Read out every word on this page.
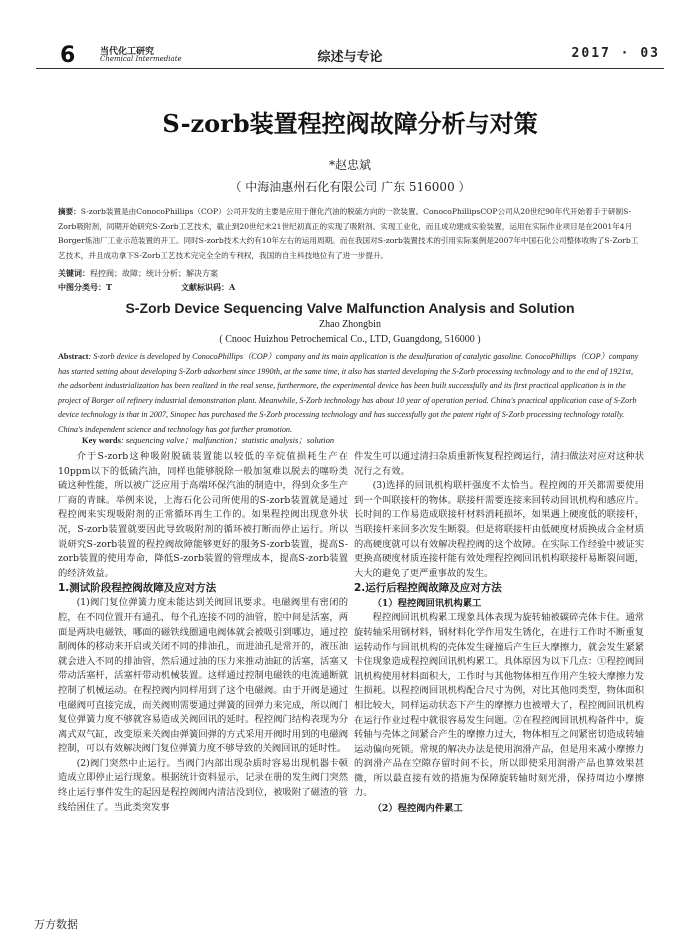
6	当代化工研究
Chemical Intermediate	综述与专论	2017 · 03
S-zorb装置程控阀故障分析与对策
*赵忠斌
（ 中海油惠州石化有限公司 广东 516000 ）
摘要：S-zorb装置是由ConocoPhillips（COP）公司开发的主要是应用于催化汽油的脱硫方向的一款装置。ConocoPhillipsCOP公司从20世纪90年代开始着手于研制S-Zorb吸附剂，同期开始研究S-Zorb工艺技术，截止到20世纪末21世纪初真正的实现了吸附剂、实现工业化，而且成功建成实验装置，运用在实际作业项目是在2001年4月Borger炼油厂工业示范装置的开工。同时S-zorb技术大约有10年左右的运用周期。而在我国对S-zorb装置技术的引用实际案例是2007年中国石化公司整体收购了S-Zorb工艺技术，并且成功拿下S-Zorb工艺技术完完全全的专利权，我国的自主科技地位有了进一步提升。
关键词：程控阀；故障；统计分析；解决方案
中图分类号：T	文献标识码：A
S-Zorb Device Sequencing Valve Malfunction Analysis and Solution
Zhao Zhongbin
( Cnooc Huizhou Petrochemical Co., LTD, Guangdong, 516000 )
Abstract: S-zorb device is developed by ConocoPhillips（COP）company and its main application is the desulfuration of catalytic gasoline. ConocoPhillips（COP）company has started setting about developing S-Zorb adsorbent since 1990th, at the same time, it also has started developing the S-Zorb processing technology and to the end of 1921st, the adsorbent industrialization has been realized in the real sense, furthermore, the experimental device has been built successfully and its first practical application is in the project of Borger oil refinery industrial demonstration plant. Meanwhile, S-Zorb technology has about 10 year of operation period. China's practical application case of S-Zorb device technology is that in 2007, Sinopec has purchased the S-Zorb processing technology and has successfully got the patent right of S-Zorb processing technology totally. China's independent science and technology has got further promotion.
Key words: sequencing valve；malfunction；statistic analysis；solution

介于S-zorb这种吸附脱硫装置能以较低的辛烷值损耗生产在10ppm以下的低硫汽油，同样也能够脱除一般加氢难以脱去的噻吩类硫这种性能，所以被广泛应用于高端环保汽油的制造中，得到众多生产厂商的青睐。举例来说，上海石化公司所使用的S-zorb装置就是通过程控阀来实现吸附剂的正常循环再生工作的。如果程控阀出现意外状况，S-zorb装置就要因此导致吸附剂的循环被打断而停止运行。所以说研究S-zorb装置的程控阀故障能够更好的服务S-zorb装置，提高S-zorb装置的使用寿命，降低S-zorb装置的管理成本，提高S-zorb装置的经济效益。

1.测试阶段程控阀故障及应对方法

(1)阀门复位弹簧力度未能达到关阀回讯要求。电磁阀里有密闭的腔，在不同位置开有通孔，每个孔连接不同的油管，腔中间是活塞，两面是两块电磁铁，哪面的磁铁线圈通电阀体就会被吸引到哪边，通过控制阀体的移动来开启或关闭不同的排油孔，而进油孔是常开的，液压油就会进入不同的排油管，然后通过油的压力来推动油缸的活塞，活塞又带动活塞杆，活塞杆带动机械装置。这样通过控制电磁铁的电流通断就控制了机械运动。在程控阀内同样用到了这个电磁阀。由于开阀是通过电磁阀可直接完成，而关阀则需要通过弹簧的回弹力来完成，所以阀门复位弹簧力度不够就容易造成关阀回讯的延时。程控阀门结构表现为分离式双气缸，改变原来关阀由弹簧回弹的方式采用开阀时用到的电磁阀控制，可以有效解决阀门复位弹簧力度不够导致的关阀回讯的延时性。

(2)阀门突然中止运行。当阀门内部出现杂质时容易出现机器卡顿造成立即停止运行现象。根据统计资料显示，记录在册的发生阀门突然终止运行事件发生的起因是程控阀阀内清洁没到位，被吸附了磁渣的管线给困住了。当此类突发事

件发生可以通过清扫杂质重新恢复程控阀运行，清扫做法对应对这种状况行之有效。

(3)选择的回讯机构联杆强度不太恰当。程控阀的开关都需要使用到一个叫联接杆的物体。联接杆需要连接来回转动回讯机构和感应片。长时间的工作易造成联接杆材料消耗损坏，如果遇上硬度低的联接杆，当联接杆来回多次发生断裂。但是将联接杆由低硬度材质换成合金材质的高硬度就可以有效解决程控阀的这个故障。在实际工作经验中被证实更换高硬度材质连接杆能有效处理程控阀回讯机构联接杆易断裂问题，大大的避免了更严重事故的发生。

2.运行后程控阀故障及应对方法
（1）程控阀回讯机构累工

程控阀回讯机构累工现象具体表现为旋转轴被碳碎壳体卡住。通常旋转轴采用钢材料，钢材料化学作用发生锈化，在进行工作时不断重复运转动作与回讯机构的壳体发生碰撞后产生巨大摩擦力，就会发生紧紧卡住现象造成程控阀回讯机构累工。具体原因为以下几点：①程控阀回讯机构使用材料面积大，工作时与其他物体相互作用产生较大摩擦力发生损耗。以程控阀回讯机构配合尺寸为例，对比其他同类型，物体面积相比较大，同样运动状态下产生的摩擦力也被增大了，程控阀回讯机构在运行作业过程中就很容易发生问题。②在程控阀回讯机构备件中，旋转轴与壳体之间紧合产生的摩擦力过大，物体相互之间紧密切造成转轴运动偏向死锁。常规的解决办法是使用润滑产品，但是用来减小摩擦力的润滑产品在空隙存留时间不长，所以即使采用润滑产品也算效果甚微，所以最直接有效的措施为保障旋转轴时刻光滑，保持周边小摩擦力。

（2）程控阀内件累工
万方数据
